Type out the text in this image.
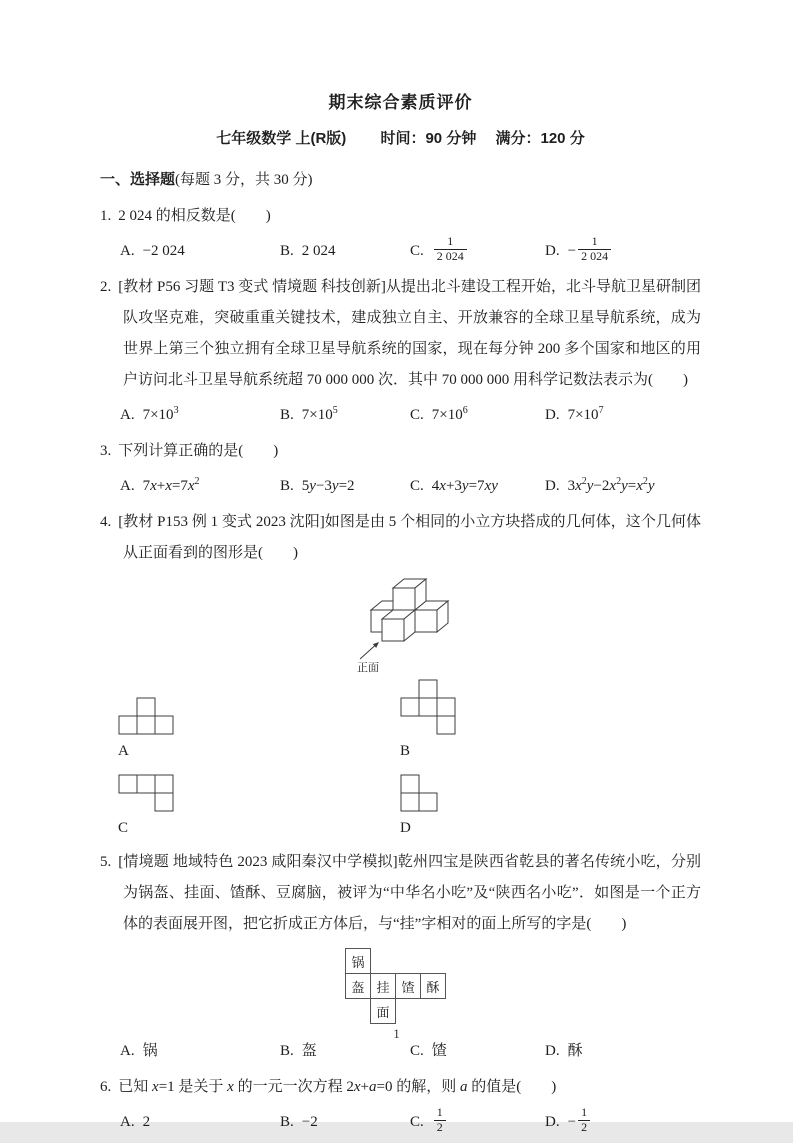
期末综合素质评价
七年级数学 上(R版) 时间：90 分钟 满分：120 分
一、选择题(每题 3 分，共 30 分)

1. 2 024 的相反数是(　　)

A. −2 024	B. 2 024	C. $\frac{1}{2 024}$	D. − $\frac{1}{2 024}$

2. [教材 P56 习题 T3 变式 情境题 科技创新]从提出北斗建设工程开始，北斗导航卫星研制团队攻坚克难，突破重重关键技术，建成独立自主、开放兼容的全球卫星导航系统，成为世界上第三个独立拥有全球卫星导航系统的国家，现在每分钟 200 多个国家和地区的用户访问北斗卫星导航系统超 70 000 000 次．其中 70 000 000 用科学记数法表示为(　　)

A. $7\times 10^3$	B. $7\times 10^5$	C. $7\times 10^6$	D. $7\times 10^7$

3. 下列计算正确的是(　　)

A. $7x+x=7x^2$	B. 5y−3y=2	C. 4x+3y=7xy	D. $3x^2y-2x^2y=x^2y$

4. [教材 P153 例 1 变式 2023 沈阳]如图是由 5 个相同的小立方块搭成的几何体，这个几何体从正面看到的图形是(　　)

正面
A	B
C	D

5. [情境题 地域特色 2023 咸阳秦汉中学模拟]乾州四宝是陕西省乾县的著名传统小吃，分别为锅盔、挂面、馇酥、豆腐脑，被评为“中华名小吃”及“陕西名小吃”．如图是一个正方体的表面展开图，把它折成正方体后，与“挂”字相对的面上所写的字是(　　)

锅
盔 挂 馇 酥
面
A. 锅	B. 盔	C. 馇	D. 酥

6. 已知 x=1 是关于 x 的一元一次方程 2x+a=0 的解，则 a 的值是(　　)

A. 2	B. −2	C. $\frac{1}{2}$	D. − $\frac{1}{2}$
1
